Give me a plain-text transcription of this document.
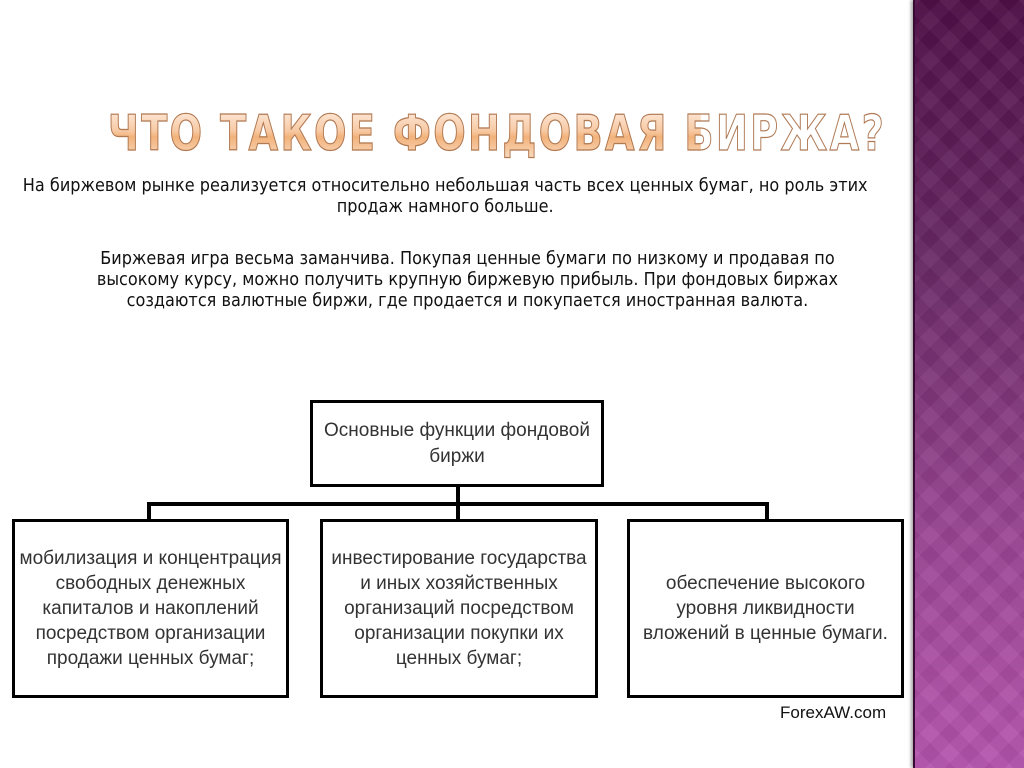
ЧТО ТАКОЕ ФОНДОВАЯ БИРЖА?
На биржевом рынке реализуется относительно небольшая часть всех ценных бумаг, но роль этих продаж намного больше.
Биржевая игра весьма заманчива. Покупая ценные бумаги по низкому и продавая по высокому курсу, можно получить крупную биржевую прибыль. При фондовых биржах создаются валютные биржи, где продается и покупается иностранная валюта.
Основные функции фондовой биржи
мобилизация и концентрация свободных денежных капиталов и накоплений посредством организации продажи ценных бумаг;
инвестирование государства и иных хозяйственных организаций посредством организации покупки их ценных бумаг;
обеспечение высокого уровня ликвидности вложений в ценные бумаги.
ForexAW.com
